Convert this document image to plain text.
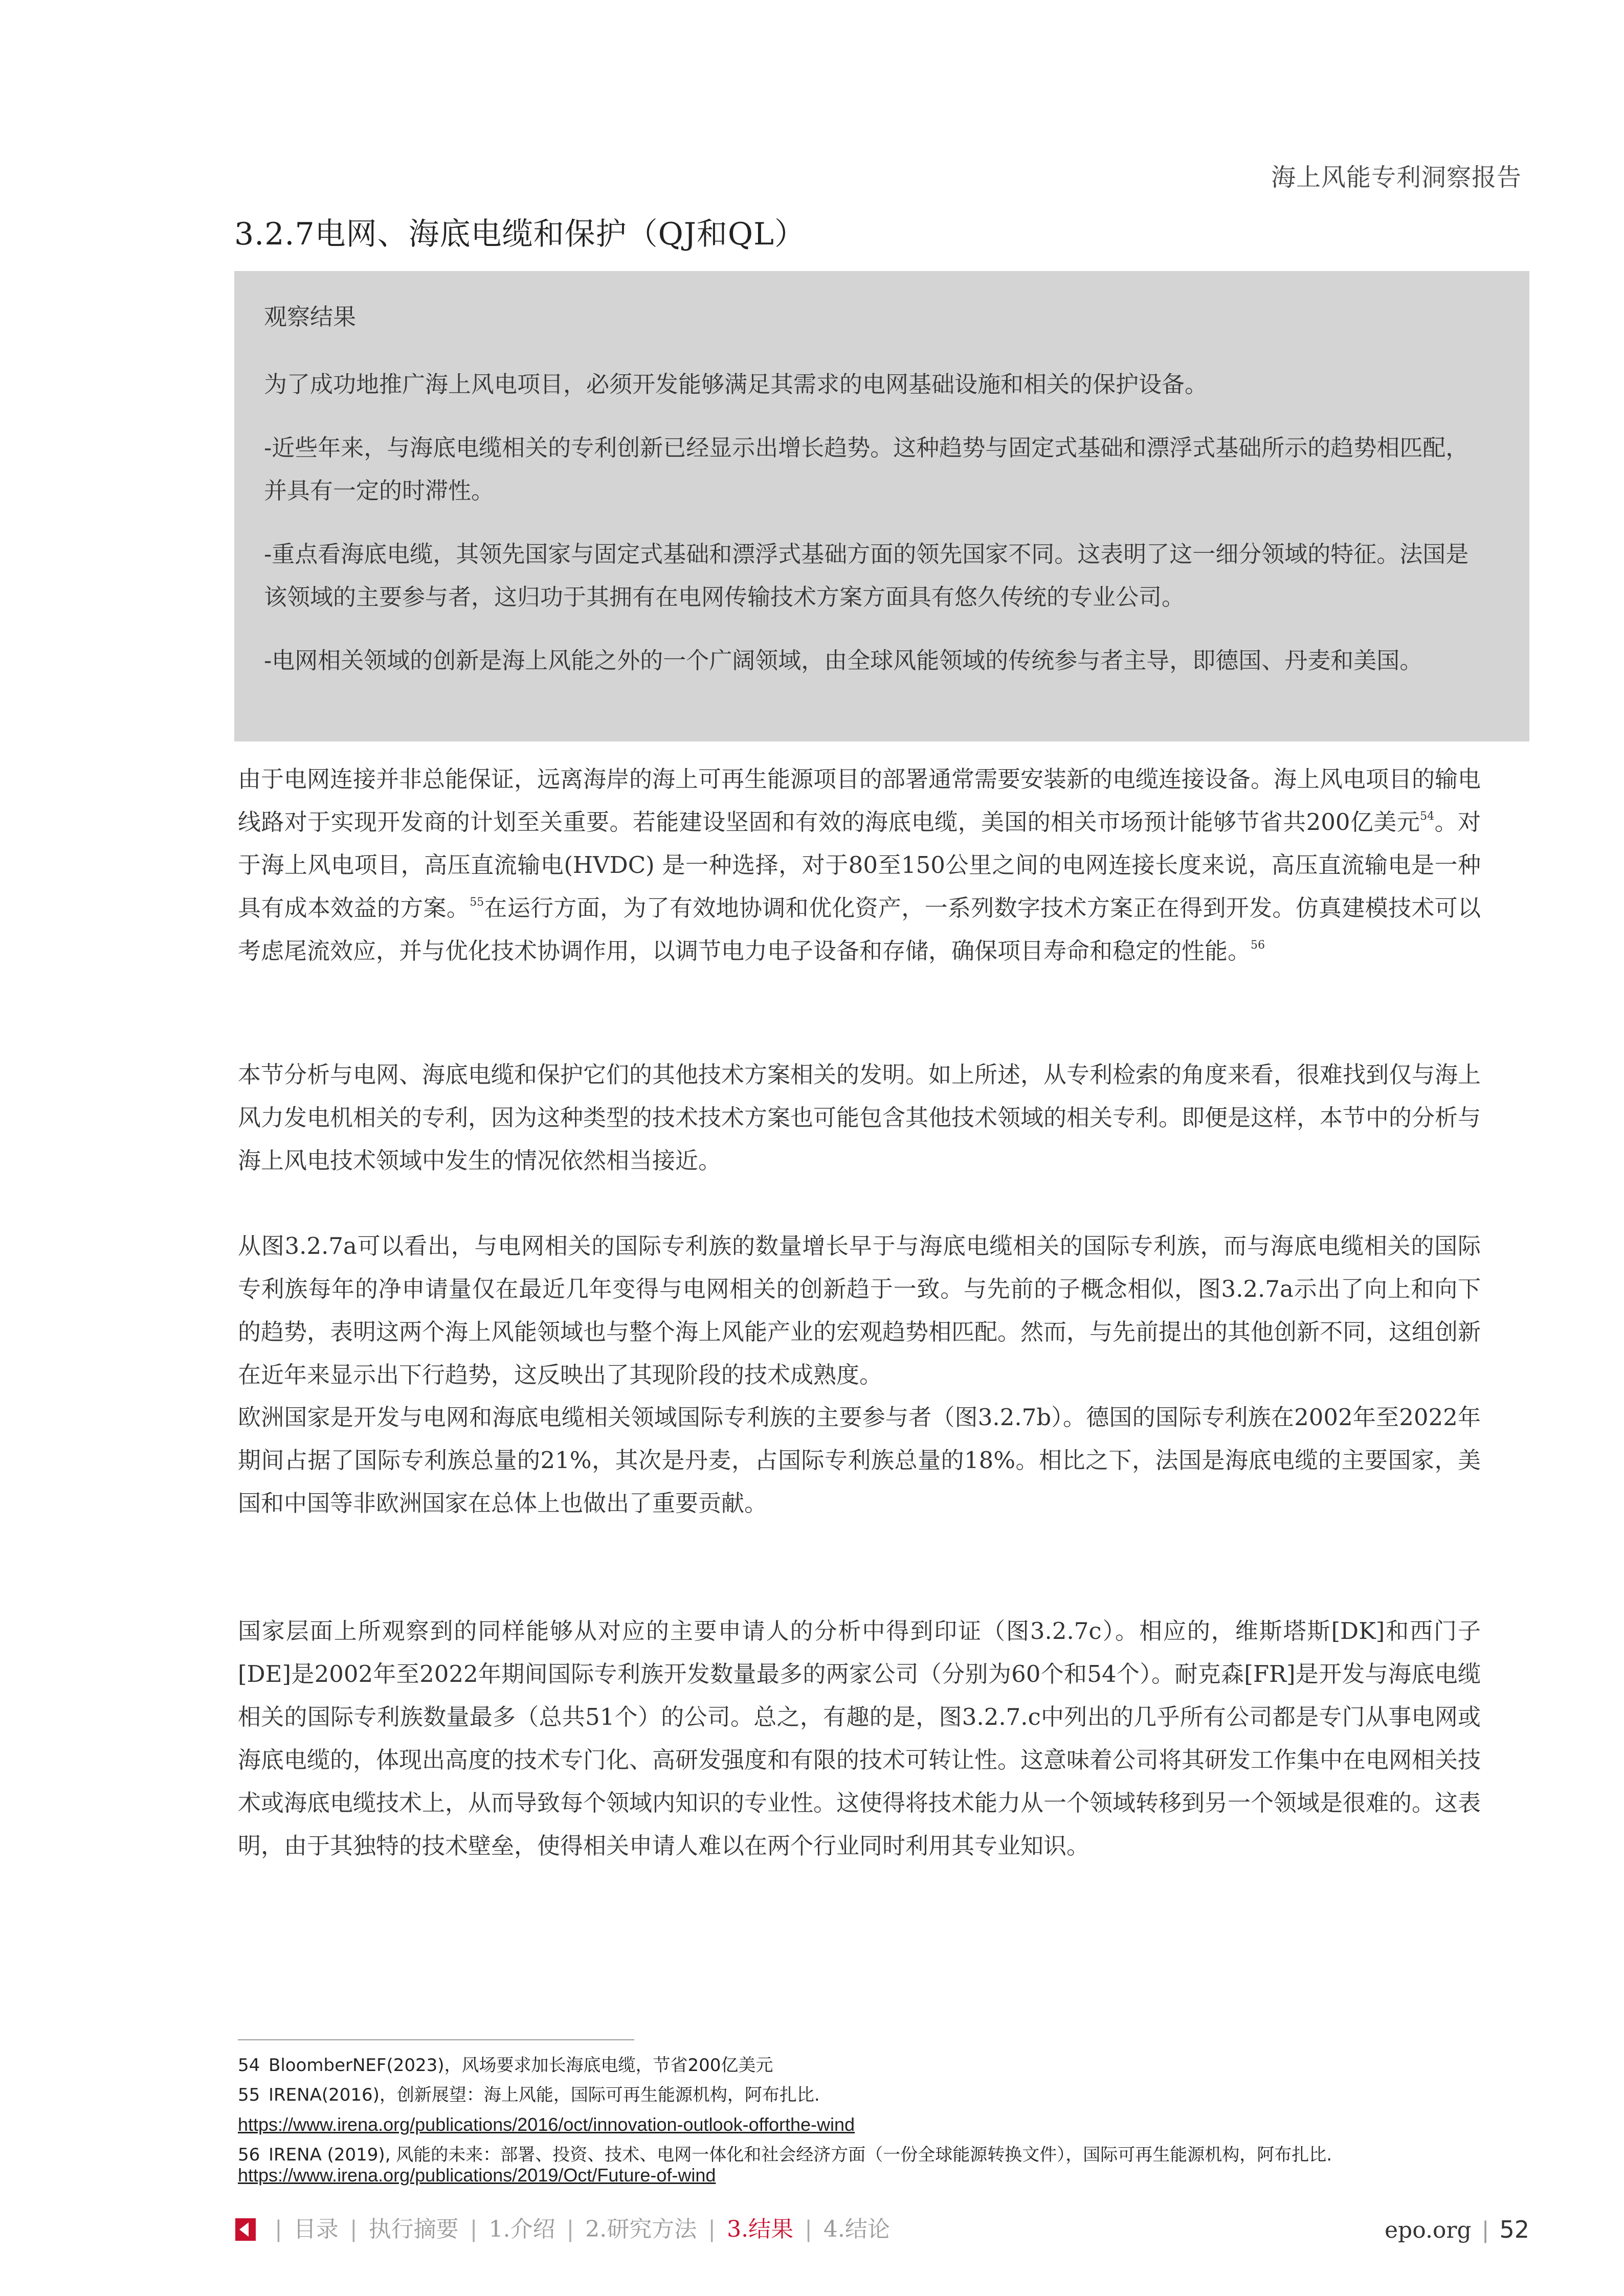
海上风能专利洞察报告
3.2.7电网、海底电缆和保护（QJ和QL）
观察结果

为了成功地推广海上风电项目，必须开发能够满足其需求的电网基础设施和相关的保护设备。

-近些年来，与海底电缆相关的专利创新已经显示出增长趋势。这种趋势与固定式基础和漂浮式基础所示的趋势相匹配，并具有一定的时滞性。

-重点看海底电缆，其领先国家与固定式基础和漂浮式基础方面的领先国家不同。这表明了这一细分领域的特征。法国是该领域的主要参与者，这归功于其拥有在电网传输技术方案方面具有悠久传统的专业公司。

-电网相关领域的创新是海上风能之外的一个广阔领域，由全球风能领域的传统参与者主导，即德国、丹麦和美国。

由于电网连接并非总能保证，远离海岸的海上可再生能源项目的部署通常需要安装新的电缆连接设备。海上风电项目的输电线路对于实现开发商的计划至关重要。若能建设坚固和有效的海底电缆，美国的相关市场预计能够节省共200亿美元$^{54}$。对于海上风电项目，高压直流输电(HVDC) 是一种选择，对于80至150公里之间的电网连接长度来说，高压直流输电是一种具有成本效益的方案。$^{55}$在运行方面，为了有效地协调和优化资产，一系列数字技术方案正在得到开发。仿真建模技术可以考虑尾流效应，并与优化技术协调作用，以调节电力电子设备和存储，确保项目寿命和稳定的性能。$^{56}$

本节分析与电网、海底电缆和保护它们的其他技术方案相关的发明。如上所述，从专利检索的角度来看，很难找到仅与海上风力发电机相关的专利，因为这种类型的技术技术方案也可能包含其他技术领域的相关专利。即便是这样，本节中的分析与海上风电技术领域中发生的情况依然相当接近。

从图3.2.7a可以看出，与电网相关的国际专利族的数量增长早于与海底电缆相关的国际专利族，而与海底电缆相关的国际专利族每年的净申请量仅在最近几年变得与电网相关的创新趋于一致。与先前的子概念相似，图3.2.7a示出了向上和向下的趋势，表明这两个海上风能领域也与整个海上风能产业的宏观趋势相匹配。然而，与先前提出的其他创新不同，这组创新在近年来显示出下行趋势，这反映出了其现阶段的技术成熟度。

欧洲国家是开发与电网和海底电缆相关领域国际专利族的主要参与者（图3.2.7b）。德国的国际专利族在2002年至2022年期间占据了国际专利族总量的21%，其次是丹麦，占国际专利族总量的18%。相比之下，法国是海底电缆的主要国家，美国和中国等非欧洲国家在总体上也做出了重要贡献。

国家层面上所观察到的同样能够从对应的主要申请人的分析中得到印证（图3.2.7c）。相应的，维斯塔斯[DK]和西门子[DE]是2002年至2022年期间国际专利族开发数量最多的两家公司（分别为60个和54个）。耐克森[FR]是开发与海底电缆相关的国际专利族数量最多（总共51个）的公司。总之，有趣的是，图3.2.7.c中列出的几乎所有公司都是专门从事电网或海底电缆的，体现出高度的技术专门化、高研发强度和有限的技术可转让性。这意味着公司将其研发工作集中在电网相关技术或海底电缆技术上，从而导致每个领域内知识的专业性。这使得将技术能力从一个领域转移到另一个领域是很难的。这表明，由于其独特的技术壁垒，使得相关申请人难以在两个行业同时利用其专业知识。

54 BloomberNEF(2023)，风场要求加长海底电缆，节省200亿美元

55 IRENA(2016)，创新展望：海上风能，国际可再生能源机构，阿布扎比.

https://www.irena.org/publications/2016/oct/innovation-outlook-offorthe-wind

56 IRENA (2019), 风能的未来：部署、投资、技术、电网一体化和社会经济方面（一份全球能源转换文件），国际可再生能源机构，阿布扎比.

https://www.irena.org/publications/2019/Oct/Future-of-wind

| 目录 | 执行摘要 | 1.介绍 | 2.研究方法 | 3.结果 | 4.结论	epo.org | 52
